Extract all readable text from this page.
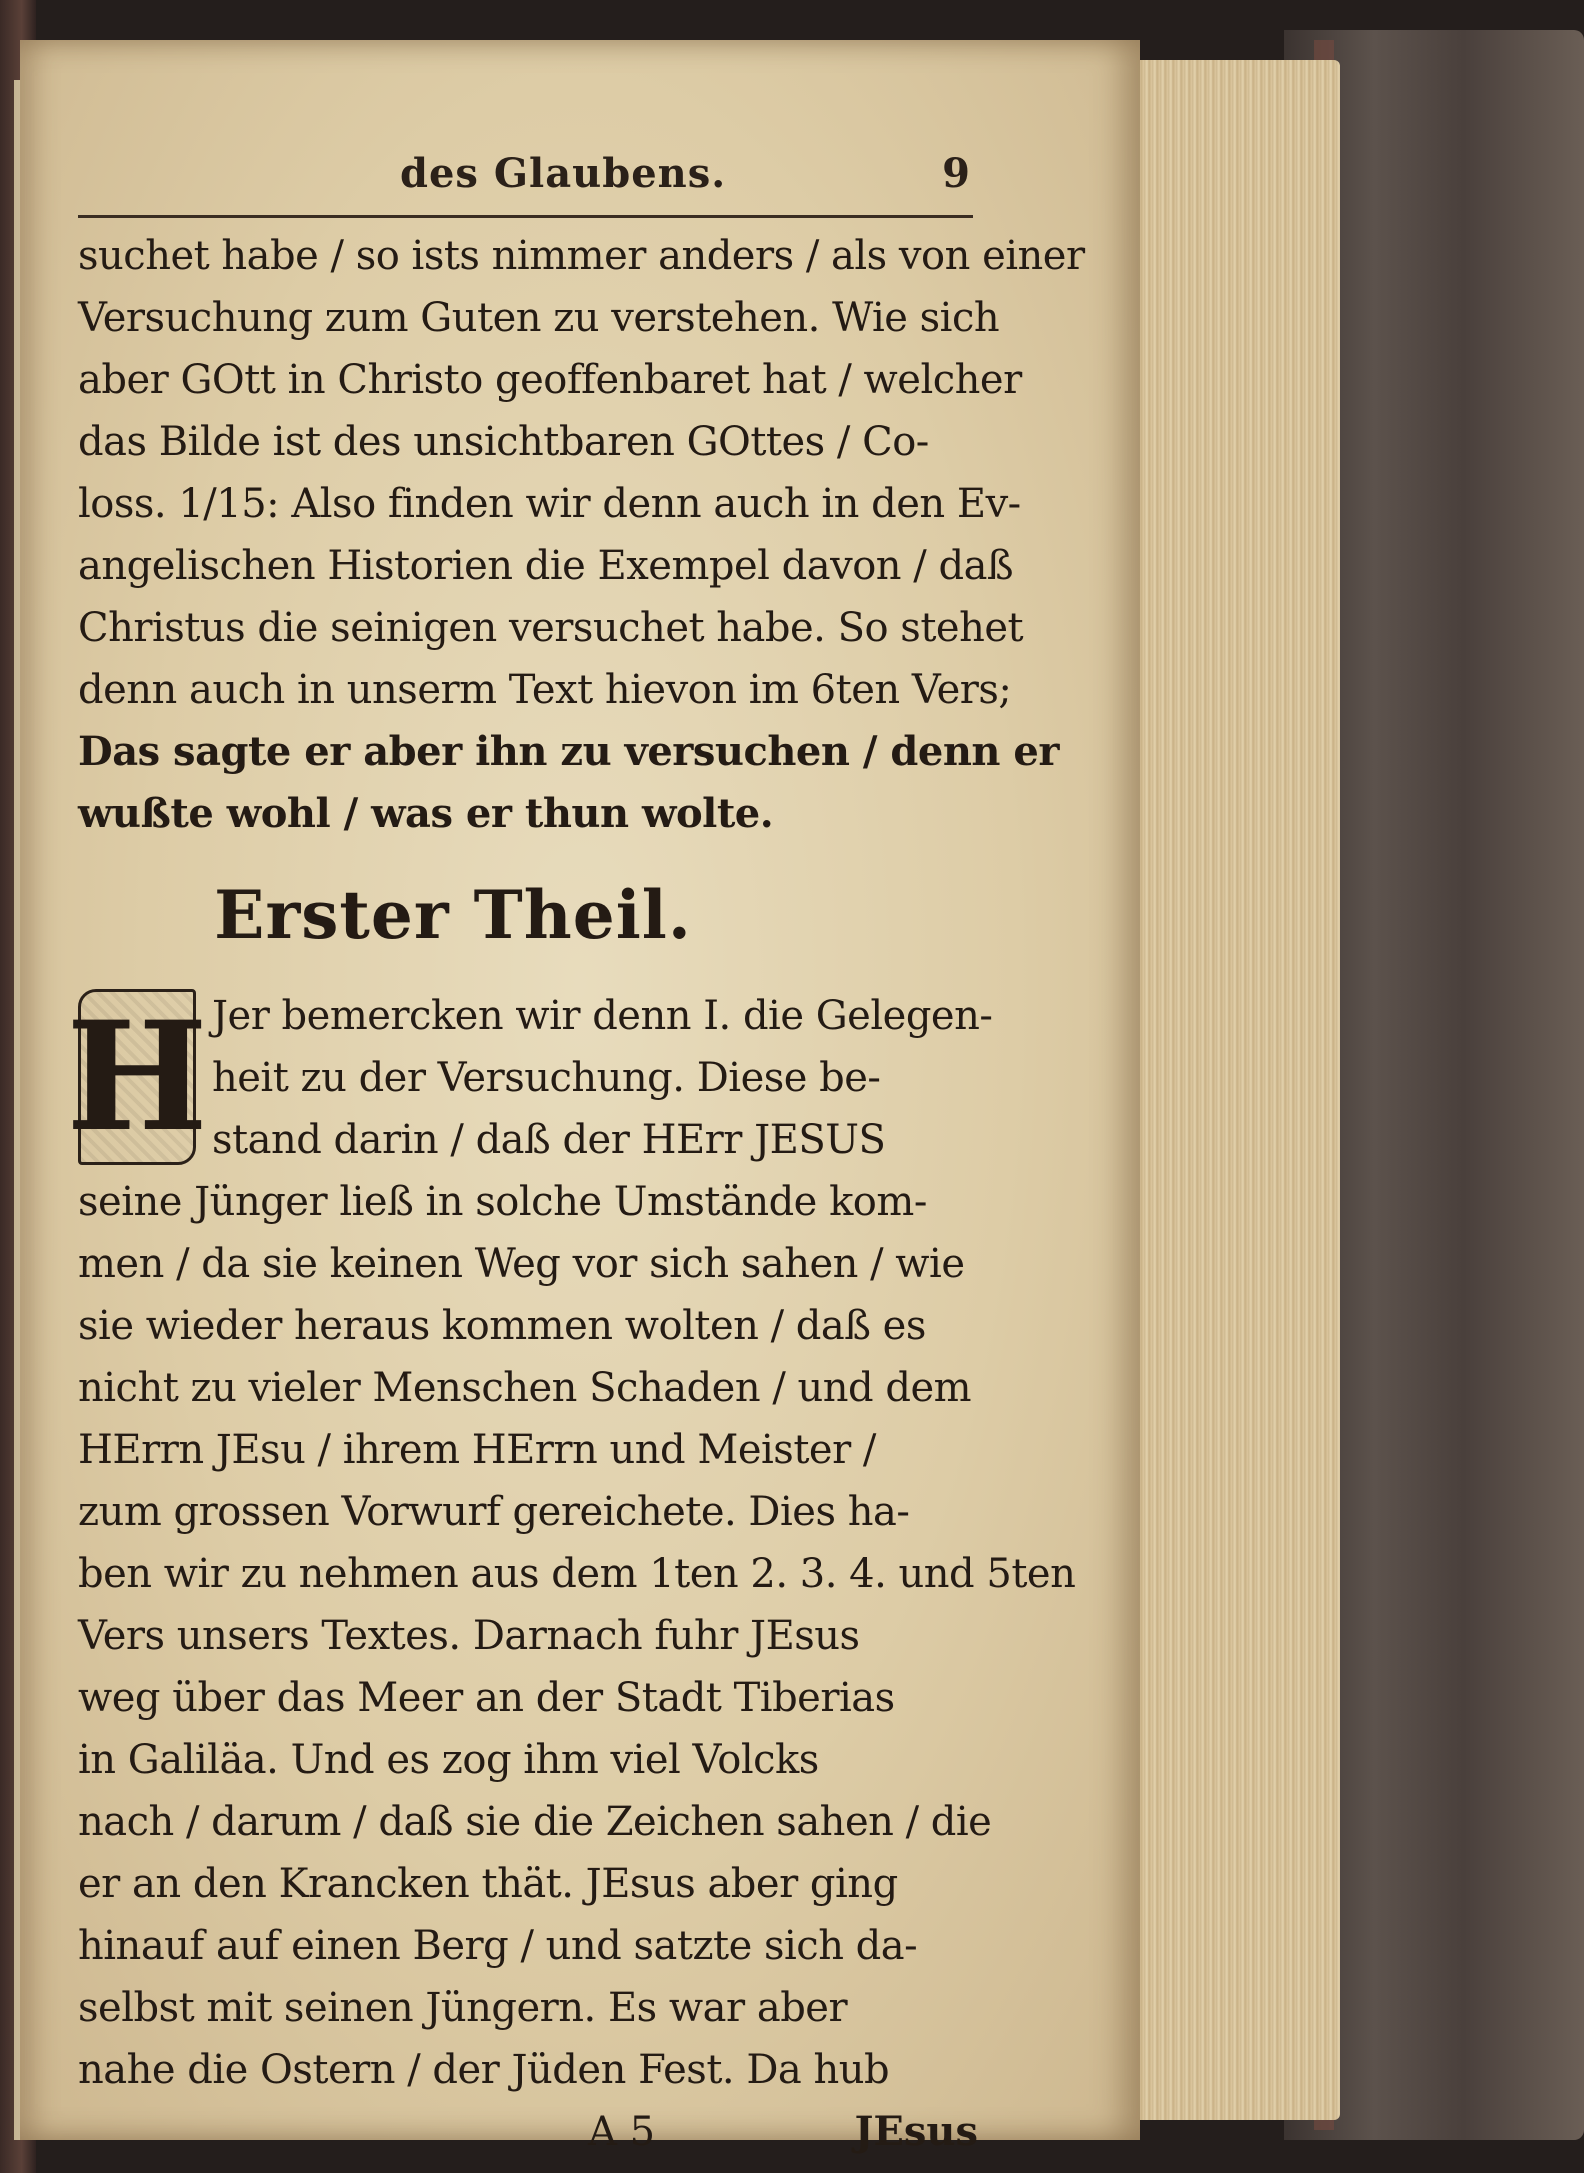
des Glaubens.	9
suchet habe / so ists nimmer anders / als von einer
Versuchung zum Guten zu verstehen. Wie sich
aber GOtt in Christo geoffenbaret hat / welcher
das Bilde ist des unsichtbaren GOttes / Co-
loss. 1/15: Also finden wir denn auch in den Ev-
angelischen Historien die Exempel davon / daß
Christus die seinigen versuchet habe. So stehet
denn auch in unserm Text hievon im 6ten Vers;
Das sagte er aber ihn zu versuchen / denn er
wußte wohl / was er thun wolte.
Erster Theil.
H Jer bemercken wir denn I. die Gelegen-
heit zu der Versuchung. Diese be-
stand darin / daß der HErr JESUS
seine Jünger ließ in solche Umstände kom-
men / da sie keinen Weg vor sich sahen / wie
sie wieder heraus kommen wolten / daß es
nicht zu vieler Menschen Schaden / und dem
HErrn JEsu / ihrem HErrn und Meister /
zum grossen Vorwurf gereichete. Dies ha-
ben wir zu nehmen aus dem 1ten 2. 3. 4. und 5ten
Vers unsers Textes. Darnach fuhr JEsus
weg über das Meer an der Stadt Tiberias
in Galiläa. Und es zog ihm viel Volcks
nach / darum / daß sie die Zeichen sahen / die
er an den Krancken thät. JEsus aber ging
hinauf auf einen Berg / und satzte sich da-
selbst mit seinen Jüngern. Es war aber
nahe die Ostern / der Jüden Fest. Da hub
A 5	JEsus
